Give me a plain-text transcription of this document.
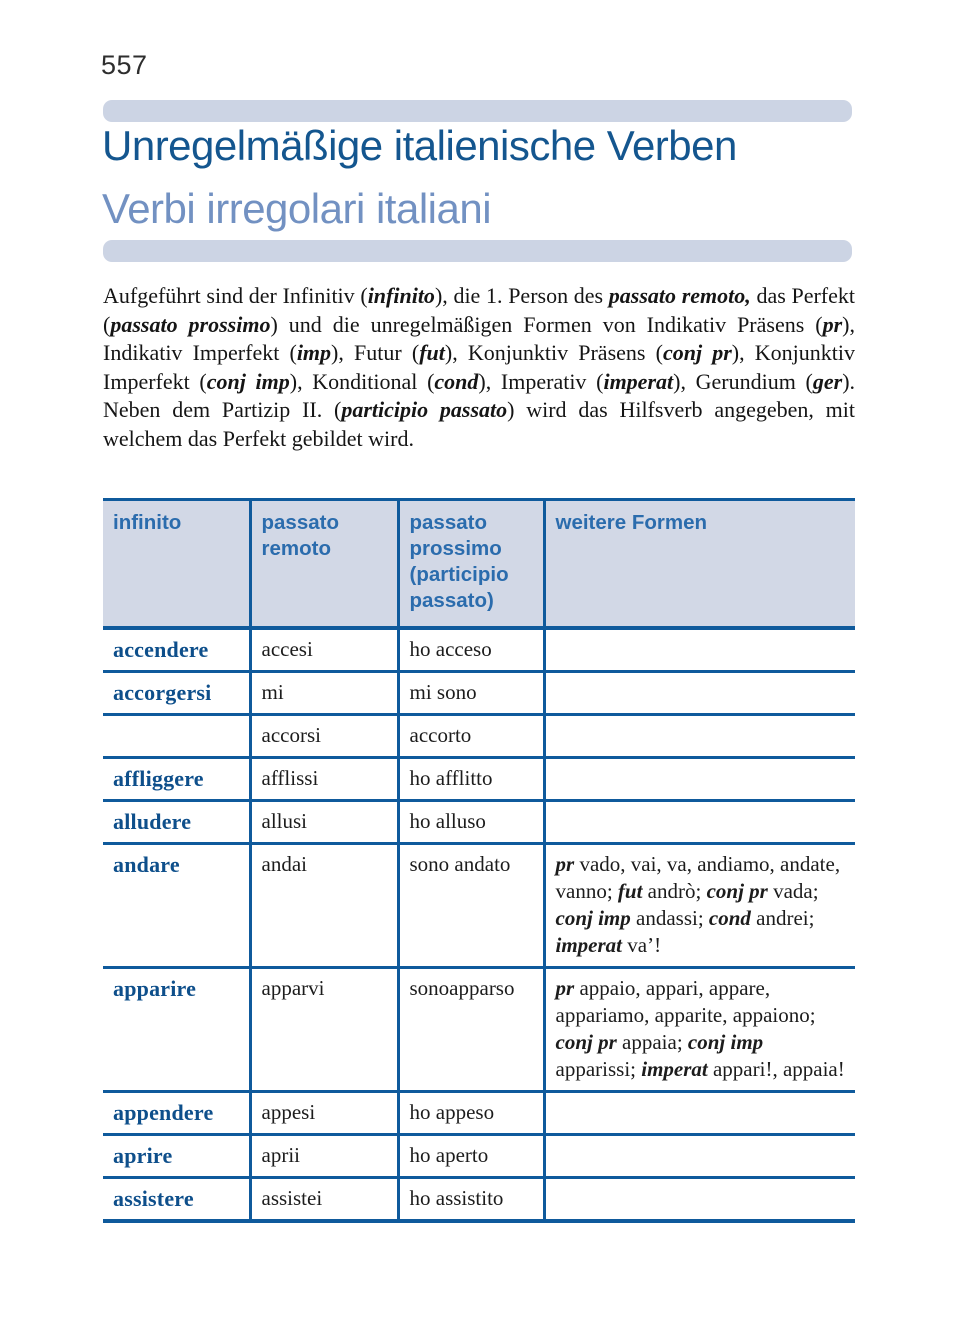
557
Unregelmäßige italienische Verben
Verbi irregolari italiani

Aufgeführt sind der Infinitiv (infinito), die 1. Person des passato remoto, das Perfekt (passato prossimo) und die unregelmäßigen Formen von Indikativ Präsens (pr), Indikativ Imperfekt (imp), Futur (fut), Konjunktiv Präsens (conj pr), Konjunktiv Imperfekt (conj imp), Konditional (cond), Imperativ (imperat), Gerundium (ger). Neben dem Partizip II. (participio passato) wird das Hilfsverb angegeben, mit welchem das Perfekt gebildet wird.

infinito	passato remoto	passato prossimo (participio passato)	weitere Formen
accendere	accesi	ho acceso	
accorgersi	mi	mi sono	
	accorsi	accorto	
affliggere	afflissi	ho afflitto	
alludere	allusi	ho alluso	
andare	andai	sono andato	pr vado, vai, va, andiamo, andate, vanno; fut andrò; conj pr vada; conj imp andassi; cond andrei; imperat va’!
apparire	apparvi	sonoapparso	pr appaio, appari, appare, appariamo, apparite, appaiono; conj pr appaia; conj imp apparissi; imperat appari!, appaia!
appendere	appesi	ho appeso	
aprire	aprii	ho aperto	
assistere	assistei	ho assistito	
